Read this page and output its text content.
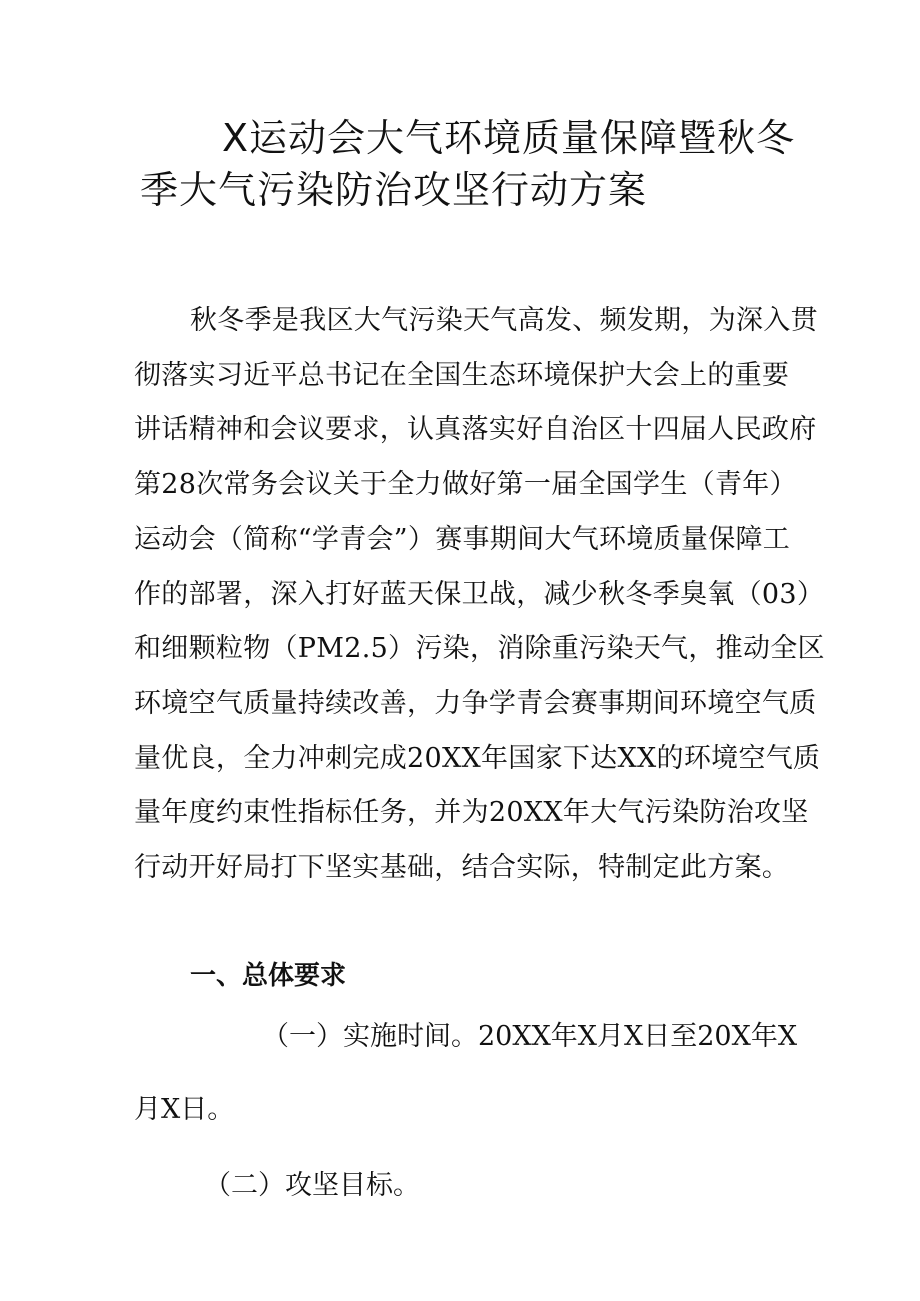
X运动会大气环境质量保障暨秋冬
季大气污染防治攻坚行动方案
秋冬季是我区大气污染天气高发、频发期，为深入贯
彻落实习近平总书记在全国生态环境保护大会上的重要
讲话精神和会议要求，认真落实好自治区十四届人民政府
第28次常务会议关于全力做好第一届全国学生（青年）
运动会（简称“学青会”）赛事期间大气环境质量保障工
作的部署，深入打好蓝天保卫战，减少秋冬季臭氧（03）
和细颗粒物（PM2.5）污染，消除重污染天气，推动全区
环境空气质量持续改善，力争学青会赛事期间环境空气质
量优良，全力冲刺完成20XX年国家下达XX的环境空气质
量年度约束性指标任务，并为20XX年大气污染防治攻坚
行动开好局打下坚实基础，结合实际，特制定此方案。
一、总体要求
（一）实施时间。20XX年X月X日至20X年X
月X日。
（二）攻坚目标。
